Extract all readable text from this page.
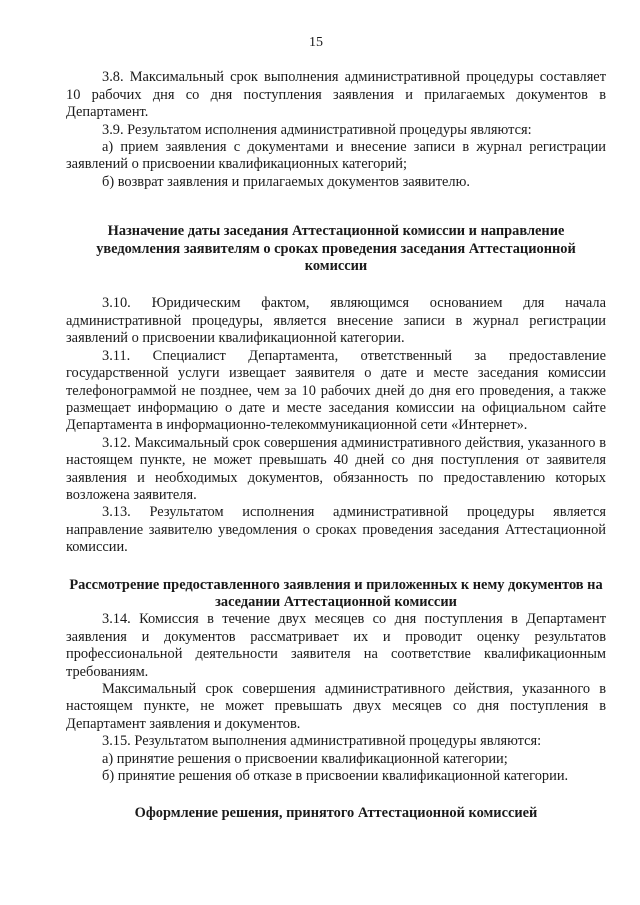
15

3.8. Максимальный срок выполнения административной процедуры составляет 10 рабочих дня со дня поступления заявления и прилагаемых документов в Департамент.

3.9. Результатом исполнения административной процедуры являются:

а) прием заявления с документами и внесение записи в журнал регистрации заявлений о присвоении квалификационных категорий;

б) возврат заявления и прилагаемых документов заявителю.

Назначение даты заседания Аттестационной комиссии и направление уведомления заявителям о сроках проведения заседания Аттестационной комиссии

3.10. Юридическим фактом, являющимся основанием для начала административной процедуры, является внесение записи в журнал регистрации заявлений о присвоении квалификационной категории.

3.11. Специалист Департамента, ответственный за предоставление государственной услуги извещает заявителя о дате и месте заседания комиссии телефонограммой не позднее, чем за 10 рабочих дней до дня его проведения, а также размещает информацию о дате и месте заседания комиссии на официальном сайте Департамента в информационно-телекоммуникационной сети «Интернет».

3.12. Максимальный срок совершения административного действия, указанного в настоящем пункте, не может превышать 40 дней со дня поступления от заявителя заявления и необходимых документов, обязанность по предоставлению которых возложена заявителя.

3.13. Результатом исполнения административной процедуры является направление заявителю уведомления о сроках проведения заседания Аттестационной комиссии.

Рассмотрение предоставленного заявления и приложенных к нему документов на заседании Аттестационной комиссии

3.14. Комиссия в течение двух месяцев со дня поступления в Департамент заявления и документов рассматривает их и проводит оценку результатов профессиональной деятельности заявителя на соответствие квалификационным требованиям.

Максимальный срок совершения административного действия, указанного в настоящем пункте, не может превышать двух месяцев со дня поступления в Департамент заявления и документов.

3.15. Результатом выполнения административной процедуры являются:

а) принятие решения о присвоении квалификационной категории;

б) принятие решения об отказе в присвоении квалификационной категории.

Оформление решения, принятого Аттестационной комиссией
